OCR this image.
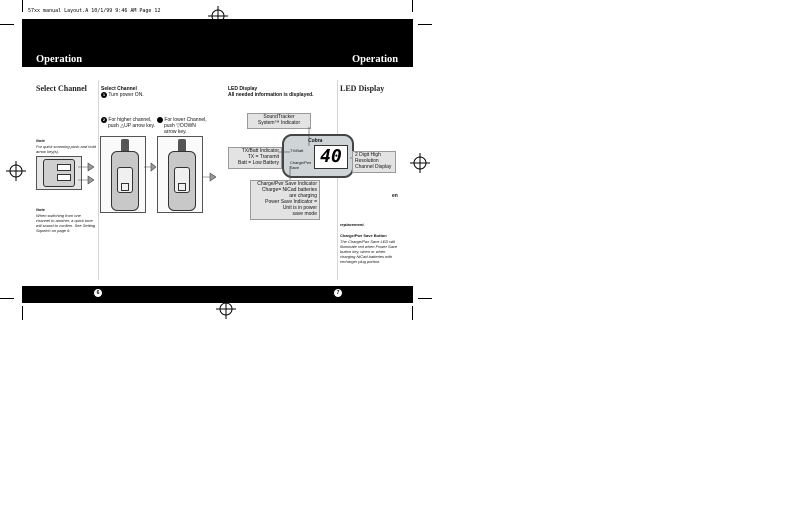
57xx manual Layout.A 10/1/99 9:46 AM Page 12
Operation	Operation
Select Channel	Select Channel
1 Turn power ON.
2 For higher channel,
push △UP arrow key.
For lower Channel,
push ▽DOWN
arrow key.
Note
For quick scanning push and hold arrow key(s).
Note
When switching from one channel to another, a quick tone will sound to confirm. See Setting Squelch on page 6.
LED Display
All needed information is displayed.
LED Display
SoundTracker
System™ Indicator
Cobra
TX/Batt
Charge/Pwr Save
40
TX/Batt Indicator
TX = Transmit
Batt = Low Battery
2 Digit High
Resolution
Channel Display
Charge/Pwr Save Indicator
Charge= NiCad batteries
are charging
Power Save Indicator =
Unit is in power
save mode
en
replacement.
Charge/Pwr Save Button
The Charge/Pwr Save LED will illuminate red when Power Save button key, when or when charging NiCad batteries with recharger plug portion.
6	7
